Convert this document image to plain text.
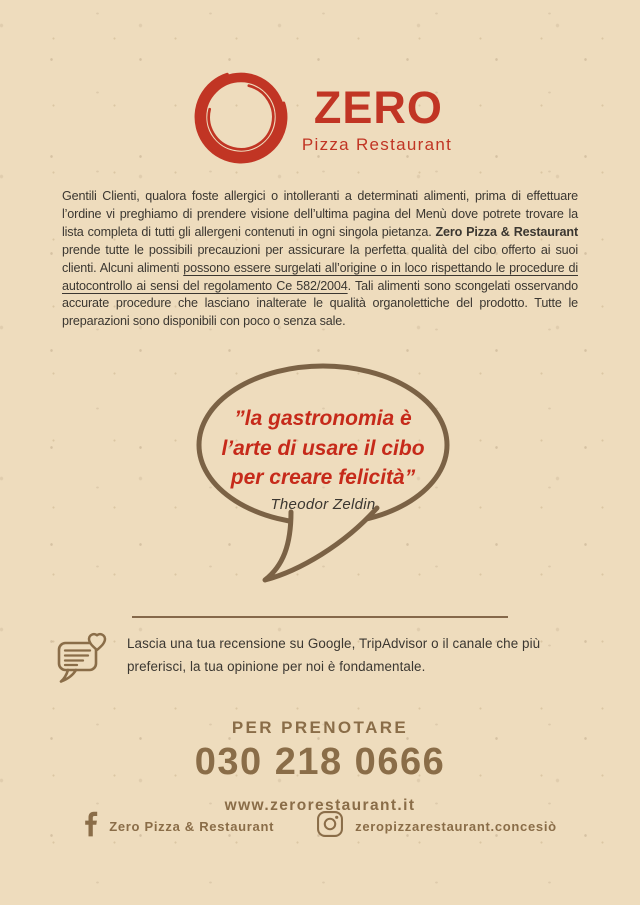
ZERO
Pizza Restaurant

Gentili Clienti, qualora foste allergici o intolleranti a determinati alimenti, prima di effettuare l’ordine vi preghiamo di prendere visione dell’ultima pagina del Menù dove potrete trovare la lista completa di tutti gli allergeni contenuti in ogni singola pietanza. Zero Pizza & Restaurant prende tutte le possibili precauzioni per assicurare la perfetta qualità del cibo offerto ai suoi clienti. Alcuni alimenti possono essere surgelati all’origine o in loco rispettando le procedure di autocontrollo ai sensi del regolamento Ce 582/2004. Tali alimenti sono scongelati osservando accurate procedure che lasciano inalterate le qualità organolettiche del prodotto. Tutte le preparazioni sono disponibili con poco o senza sale.

”la gastronomia è
l’arte di usare il cibo
per creare felicità”
Theodor Zeldin
Lascia una tua recensione su Google, TripAdvisor o il canale che più
preferisci, la tua opinione per noi è fondamentale.
PER PRENOTARE
030 218 0666
www.zerorestaurant.it
Zero Pizza & Restaurant	zeropizzarestaurant.concesiò
